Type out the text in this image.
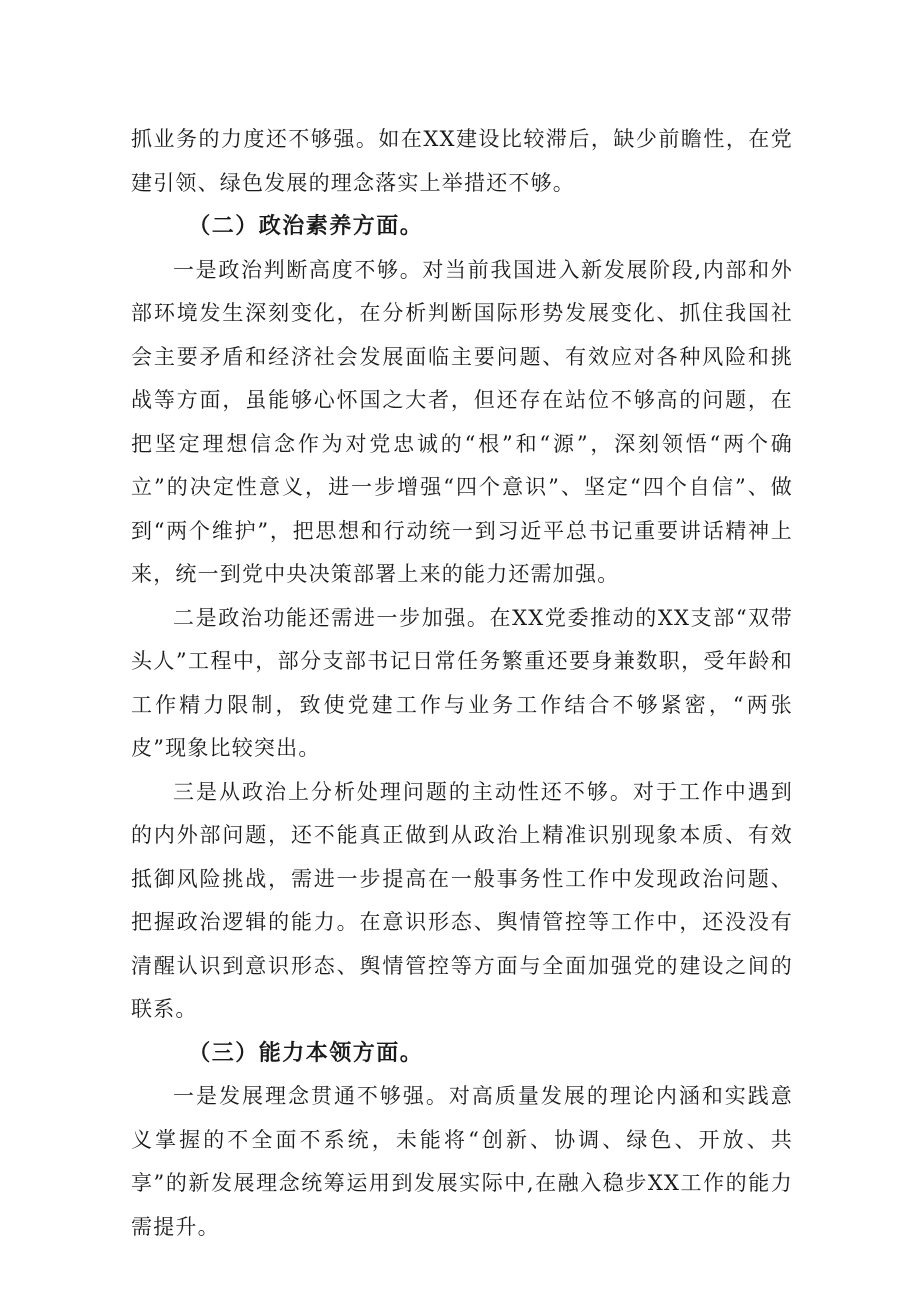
抓业务的力度还不够强。如在XX建设比较滞后，缺少前瞻性，在党建引领、绿色发展的理念落实上举措还不够。

（二）政治素养方面。

一是政治判断高度不够。对当前我国进入新发展阶段,内部和外部环境发生深刻变化，在分析判断国际形势发展变化、抓住我国社会主要矛盾和经济社会发展面临主要问题、有效应对各种风险和挑战等方面，虽能够心怀国之大者，但还存在站位不够高的问题，在把坚定理想信念作为对党忠诚的“根”和“源”，深刻领悟“两个确立”的决定性意义，进一步增强“四个意识”、坚定“四个自信”、做到“两个维护”，把思想和行动统一到习近平总书记重要讲话精神上来，统一到党中央决策部署上来的能力还需加强。

二是政治功能还需进一步加强。在XX党委推动的XX支部“双带头人”工程中，部分支部书记日常任务繁重还要身兼数职，受年龄和工作精力限制，致使党建工作与业务工作结合不够紧密，“两张皮”现象比较突出。

三是从政治上分析处理问题的主动性还不够。对于工作中遇到的内外部问题，还不能真正做到从政治上精准识别现象本质、有效抵御风险挑战，需进一步提高在一般事务性工作中发现政治问题、把握政治逻辑的能力。在意识形态、舆情管控等工作中，还没没有清醒认识到意识形态、舆情管控等方面与全面加强党的建设之间的联系。

（三）能力本领方面。

一是发展理念贯通不够强。对高质量发展的理论内涵和实践意义掌握的不全面不系统，未能将“创新、协调、绿色、开放、共享”的新发展理念统筹运用到发展实际中,在融入稳步XX工作的能力需提升。
